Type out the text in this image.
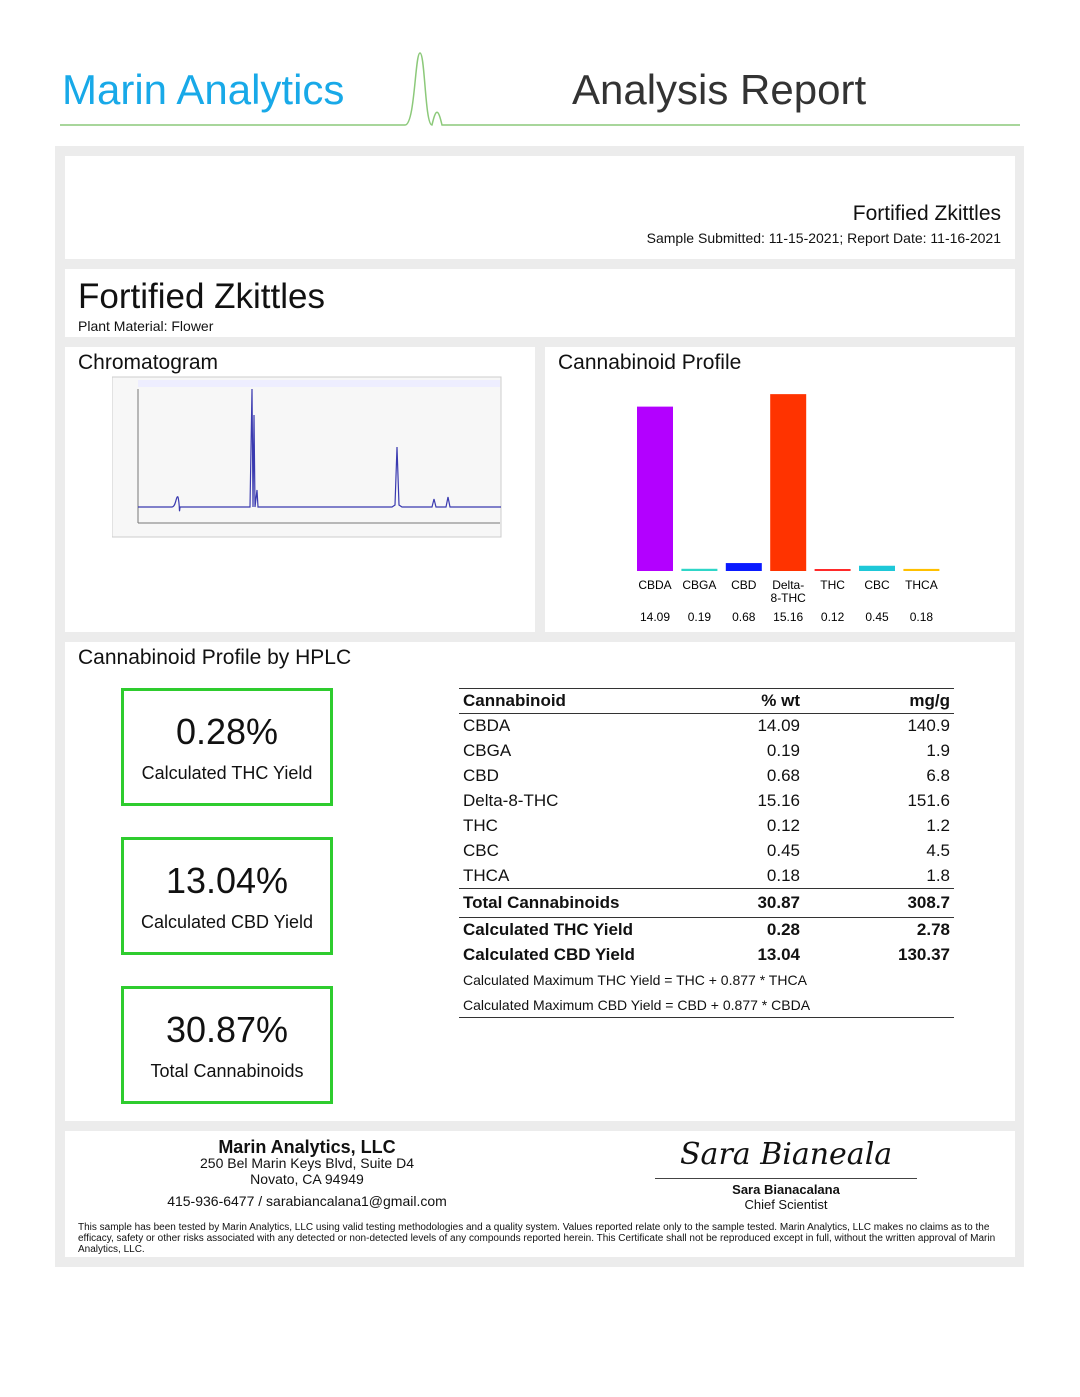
Marin Analytics	Analysis Report
Fortified Zkittles
Sample Submitted: 11-15-2021; Report Date: 11-16-2021
Fortified Zkittles
Plant Material: Flower
Chromatogram	Cannabinoid Profile
CBDA
14.09
CBGA
0.19
CBD
0.68
Delta-
8-THC
15.16
THC
0.12
CBC
0.45
THCA
0.18
Cannabinoid Profile by HPLC
0.28%
Calculated THC Yield
13.04%
Calculated CBD Yield
30.87%
Total Cannabinoids
Cannabinoid	% wt	mg/g
CBDA	14.09	140.9
CBGA	0.19	1.9
CBD	0.68	6.8
Delta-8-THC	15.16	151.6
THC	0.12	1.2
CBC	0.45	4.5
THCA	0.18	1.8
Total Cannabinoids	30.87	308.7
Calculated THC Yield	0.28	2.78
Calculated CBD Yield	13.04	130.37
Calculated Maximum THC Yield = THC + 0.877 * THCA		
Calculated Maximum CBD Yield = CBD + 0.877 * CBDA		
Marin Analytics, LLC
250 Bel Marin Keys Blvd, Suite D4
Novato, CA 94949
415-936-6477 / sarabiancalana1@gmail.com
Sara Bianeala
Sara Bianacalana
Chief Scientist
This sample has been tested by Marin Analytics, LLC using valid testing methodologies and a quality system. Values reported relate only to the sample tested. Marin Analytics, LLC makes no claims as to the efficacy, safety or other risks associated with any detected or non-detected levels of any compounds reported herein. This Certificate shall not be reproduced except in full, without the written approval of Marin Analytics, LLC.
